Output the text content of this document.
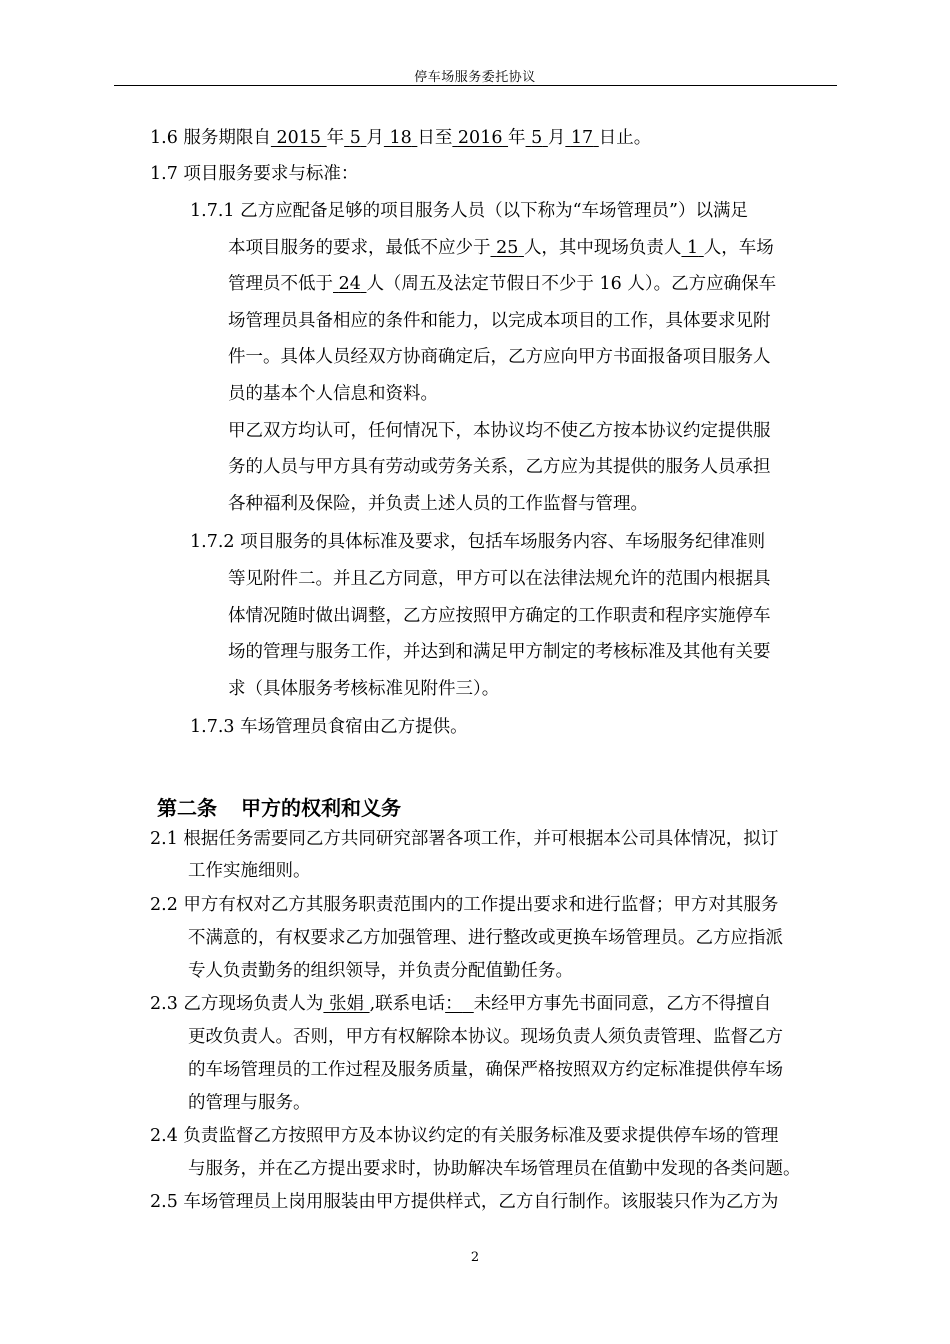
停车场服务委托协议
1.6 服务期限自 2015 年 5 月 18 日至 2016 年 5 月 17 日止。
1.7 项目服务要求与标准：
1.7.1 乙方应配备足够的项目服务人员（以下称为“车场管理员”）以满足
本项目服务的要求，最低不应少于 25 人，其中现场负责人 1 人，车场
管理员不低于 24 人（周五及法定节假日不少于 16 人）。乙方应确保车
场管理员具备相应的条件和能力，以完成本项目的工作，具体要求见附
件一。具体人员经双方协商确定后，乙方应向甲方书面报备项目服务人
员的基本个人信息和资料。
甲乙双方均认可，任何情况下，本协议均不使乙方按本协议约定提供服
务的人员与甲方具有劳动或劳务关系，乙方应为其提供的服务人员承担
各种福利及保险，并负责上述人员的工作监督与管理。
1.7.2 项目服务的具体标准及要求，包括车场服务内容、车场服务纪律准则
等见附件二。并且乙方同意，甲方可以在法律法规允许的范围内根据具
体情况随时做出调整，乙方应按照甲方确定的工作职责和程序实施停车
场的管理与服务工作，并达到和满足甲方制定的考核标准及其他有关要
求（具体服务考核标准见附件三）。
1.7.3 车场管理员食宿由乙方提供。
第二条 甲方的权利和义务
2.1 根据任务需要同乙方共同研究部署各项工作，并可根据本公司具体情况，拟订
工作实施细则。
2.2 甲方有权对乙方其服务职责范围内的工作提出要求和进行监督；甲方对其服务
不满意的，有权要求乙方加强管理、进行整改或更换车场管理员。乙方应指派
专人负责勤务的组织领导，并负责分配值勤任务。
2.3 乙方现场负责人为 张娟 ,联系电话： 未经甲方事先书面同意，乙方不得擅自
更改负责人。否则，甲方有权解除本协议。现场负责人须负责管理、监督乙方
的车场管理员的工作过程及服务质量，确保严格按照双方约定标准提供停车场
的管理与服务。
2.4 负责监督乙方按照甲方及本协议约定的有关服务标准及要求提供停车场的管理
与服务，并在乙方提出要求时，协助解决车场管理员在值勤中发现的各类问题。
2.5 车场管理员上岗用服装由甲方提供样式，乙方自行制作。该服装只作为乙方为
2
